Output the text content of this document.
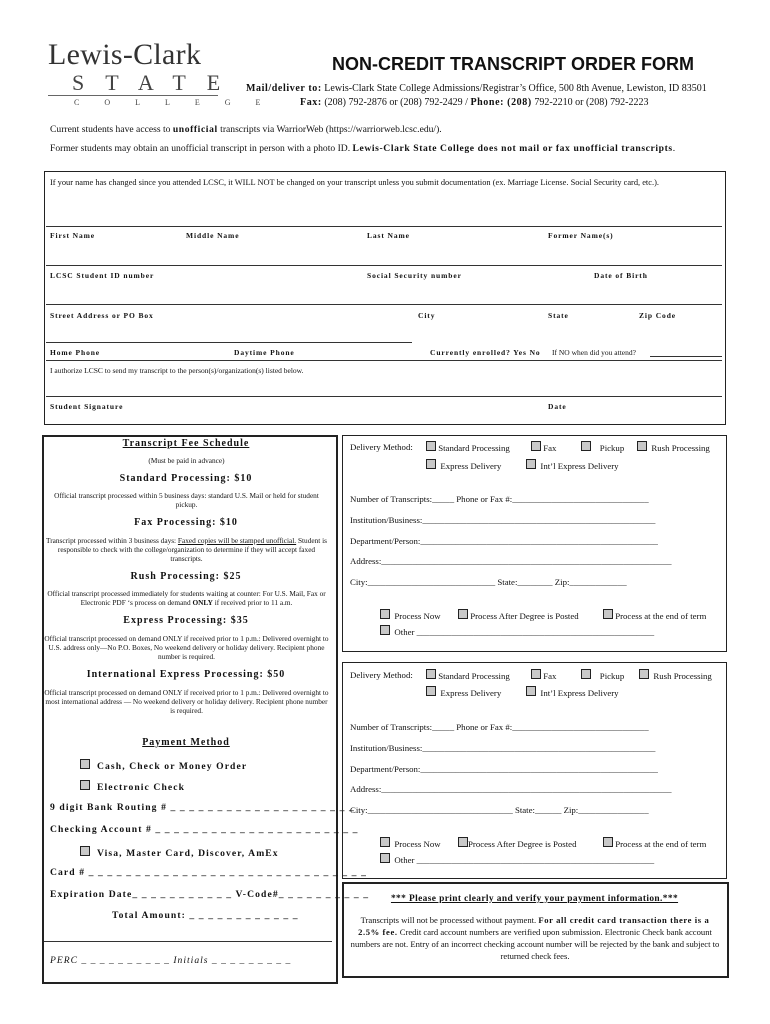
Lewis-Clark
STATE
COLLEGE
NON-CREDIT TRANSCRIPT ORDER FORM
Mail/deliver to: Lewis-Clark State College Admissions/Registrar’s Office, 500 8th Avenue, Lewiston, ID 83501
Fax: (208) 792-2876 or (208) 792-2429 / Phone: (208) 792-2210 or (208) 792-2223
Current students have access to unofficial transcripts via WarriorWeb (https://warriorweb.lcsc.edu/).
Former students may obtain an unofficial transcript in person with a photo ID. Lewis-Clark State College does not mail or fax unofficial transcripts.
If your name has changed since you attended LCSC, it WILL NOT be changed on your transcript unless you submit documentation (ex. Marriage License. Social Security card, etc.).
First Name	Middle Name	Last Name	Former Name(s)
LCSC Student ID number	Social Security number	Date of Birth
Street Address or PO Box	City	State	Zip Code
Home Phone	Daytime Phone	Currently enrolled? Yes No If NO when did you attend?
I authorize LCSC to send my transcript to the person(s)/organization(s) listed below.
Student Signature	Date
Transcript Fee Schedule
(Must be paid in advance)
Standard Processing: $10
Official transcript processed within 5 business days: standard U.S. Mail or held for student pickup.
Fax Processing: $10
Transcript processed within 3 business days: Faxed copies will be stamped unofficial. Student is responsible to check with the college/organization to determine if they will accept faxed transcripts.
Rush Processing: $25
Official transcript processed immediately for students waiting at counter: For U.S. Mail, Fax or Electronic PDF ‘s process on demand ONLY if received prior to 11 a.m.
Express Processing: $35
Official transcript processed on demand ONLY if received prior to 1 p.m.: Delivered overnight to U.S. address only—No P.O. Boxes, No weekend delivery or holiday delivery. Recipient phone number is required.
International Express Processing: $50
Official transcript processed on demand ONLY if received prior to 1 p.m.: Delivered overnight to most international address — No weekend delivery or holiday delivery. Recipient phone number is required.
Payment Method
Cash, Check or Money Order
Electronic Check
9 digit Bank Routing # _ _ _ _ _ _ _ _ _ _ _ _ _ _ _ _ _ _ _ _
Checking Account # _ _ _ _ _ _ _ _ _ _ _ _ _ _ _ _ _ _ _ _ _ _
Visa, Master Card, Discover, AmEx
Card # _ _ _ _ _ _ _ _ _ _ _ _ _ _ _ _ _ _ _ _ _ _ _ _ _ _ _ _ _ _
Expiration Date_ _ _ _ _ _ _ _ _ _ _ V-Code#_ _ _ _ _ _ _ _ _ _
Total Amount: _ _ _ _ _ _ _ _ _ _ _ _
PERC _ _ _ _ _ _ _ _ _ _ Initials _ _ _ _ _ _ _ _ _
Delivery Method:	Standard Processing	Fax	Pickup	Rush Processing
Express Delivery	Int’l Express Delivery
Number of Transcripts:_____ Phone or Fax #:_______________________________
Institution/Business:_____________________________________________________
Department/Person:______________________________________________________
Address:__________________________________________________________________
City:_____________________________ State:________ Zip:_____________
Process Now	Process After Degree is Posted	Process at the end of term
Other ______________________________________________________
Delivery Method:	Standard Processing	Fax	Pickup	Rush Processing
Express Delivery	Int’l Express Delivery
Number of Transcripts:_____ Phone or Fax #:_______________________________
Institution/Business:_____________________________________________________
Department/Person:______________________________________________________
Address:__________________________________________________________________
City:_________________________________ State:______ Zip:________________
Process Now	Process After Degree is Posted	Process at the end of term
Other ______________________________________________________
*** Please print clearly and verify your payment information.***
Transcripts will not be processed without payment. For all credit card transaction there is a 2.5% fee. Credit card account numbers are verified upon submission. Electronic Check bank account numbers are not. Entry of an incorrect checking account number will be rejected by the bank and subject to returned check fees.
